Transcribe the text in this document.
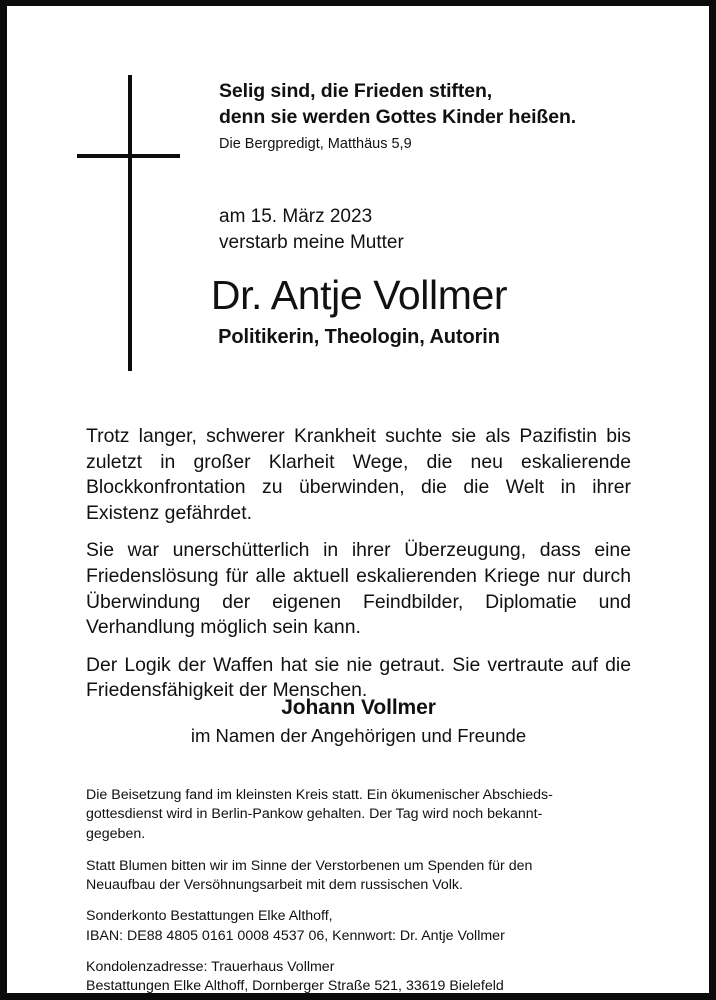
Selig sind, die Frieden stiften,
denn sie werden Gottes Kinder heißen.
Die Bergpredigt, Matthäus 5,9
am 15. März 2023
verstarb meine Mutter
Dr. Antje Vollmer
Politikerin, Theologin, Autorin

Trotz langer, schwerer Krankheit suchte sie als Pazifistin bis zuletzt in großer Klarheit Wege, die neu eskalierende Blockkonfrontation zu überwinden, die die Welt in ihrer Existenz gefährdet.

Sie war unerschütterlich in ihrer Überzeugung, dass eine Friedenslösung für alle aktuell eskalierenden Kriege nur durch Überwindung der eigenen Feindbilder, Diplomatie und Verhandlung möglich sein kann.

Der Logik der Waffen hat sie nie getraut. Sie vertraute auf die Friedensfähigkeit der Menschen.

Johann Vollmer
im Namen der Angehörigen und Freunde

Die Beisetzung fand im kleinsten Kreis statt. Ein ökumenischer Abschieds-
gottesdienst wird in Berlin-Pankow gehalten. Der Tag wird noch bekannt-
gegeben.

Statt Blumen bitten wir im Sinne der Verstorbenen um Spenden für den
Neuaufbau der Versöhnungsarbeit mit dem russischen Volk.

Sonderkonto Bestattungen Elke Althoff,
IBAN: DE88 4805 0161 0008 4537 06, Kennwort: Dr. Antje Vollmer

Kondolenzadresse: Trauerhaus Vollmer
Bestattungen Elke Althoff, Dornberger Straße 521, 33619 Bielefeld
